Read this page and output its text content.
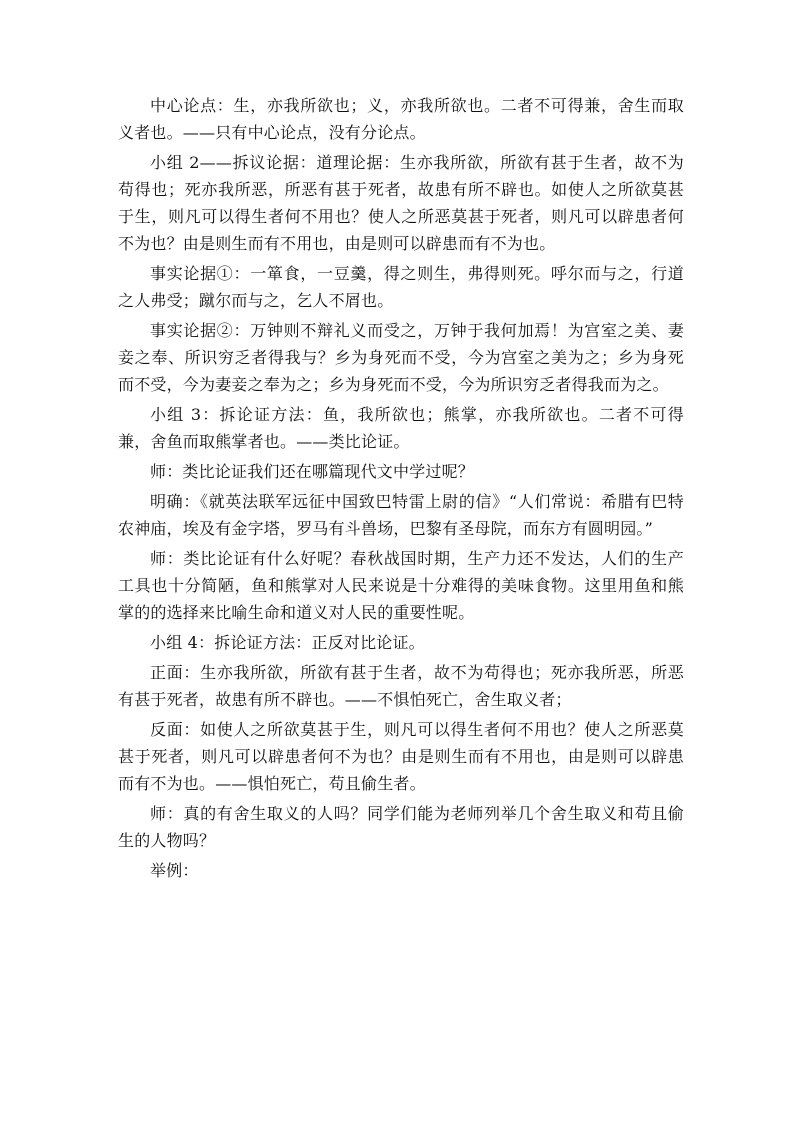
中心论点：生，亦我所欲也；义，亦我所欲也。二者不可得兼，舍生而取义者也。——只有中心论点，没有分论点。

小组 2——拆议论据：道理论据：生亦我所欲，所欲有甚于生者，故不为苟得也；死亦我所恶，所恶有甚于死者，故患有所不辟也。如使人之所欲莫甚于生，则凡可以得生者何不用也？使人之所恶莫甚于死者，则凡可以辟患者何不为也？由是则生而有不用也，由是则可以辟患而有不为也。

事实论据①：一箪食，一豆羹，得之则生，弗得则死。呼尔而与之，行道之人弗受；蹴尔而与之，乞人不屑也。

事实论据②：万钟则不辩礼义而受之，万钟于我何加焉！为宫室之美、妻妾之奉、所识穷乏者得我与？乡为身死而不受，今为宫室之美为之；乡为身死而不受，今为妻妾之奉为之；乡为身死而不受，今为所识穷乏者得我而为之。

小组 3：拆论证方法：鱼，我所欲也；熊掌，亦我所欲也。二者不可得兼，舍鱼而取熊掌者也。——类比论证。

师：类比论证我们还在哪篇现代文中学过呢？

明确：《就英法联军远征中国致巴特雷上尉的信》“人们常说：希腊有巴特农神庙，埃及有金字塔，罗马有斗兽场，巴黎有圣母院，而东方有圆明园。”

师：类比论证有什么好呢？春秋战国时期，生产力还不发达，人们的生产工具也十分简陋，鱼和熊掌对人民来说是十分难得的美味食物。这里用鱼和熊掌的的选择来比喻生命和道义对人民的重要性呢。

小组 4：拆论证方法：正反对比论证。

正面：生亦我所欲，所欲有甚于生者，故不为苟得也；死亦我所恶，所恶有甚于死者，故患有所不辟也。——不惧怕死亡，舍生取义者；

反面：如使人之所欲莫甚于生，则凡可以得生者何不用也？使人之所恶莫甚于死者，则凡可以辟患者何不为也？由是则生而有不用也，由是则可以辟患而有不为也。——惧怕死亡，苟且偷生者。

师：真的有舍生取义的人吗？同学们能为老师列举几个舍生取义和苟且偷生的人物吗？

举例：
